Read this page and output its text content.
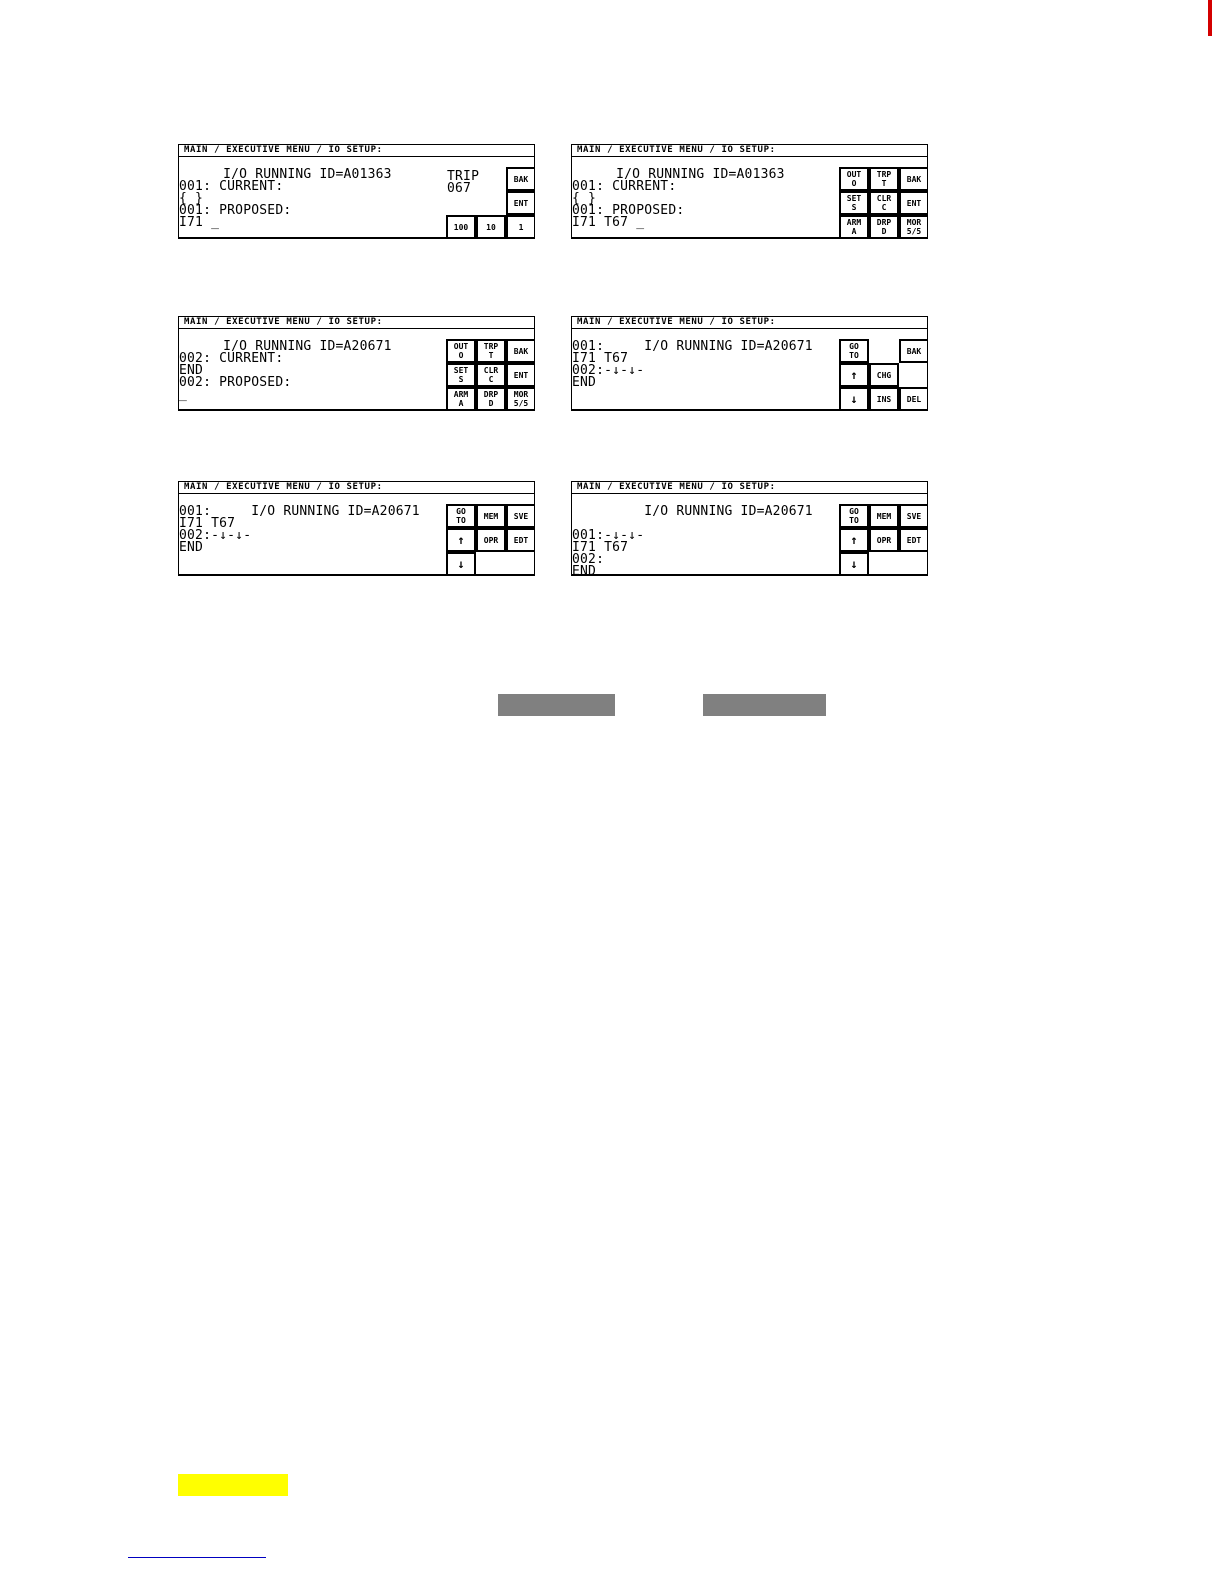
MAIN / EXECUTIVE MENU / IO SETUP:
I/O RUNNING ID=A01363
001: CURRENT:
{ }
001: PROPOSED:
I71 _
TRIP
067
BAK
ENT
100	10	1
MAIN / EXECUTIVE MENU / IO SETUP:
I/O RUNNING ID=A01363
001: CURRENT:
{ }
001: PROPOSED:
I71 T67 _
OUT
O
TRP
T	BAK
SET
S
CLR
C	ENT
ARM
A
DRP
D
MOR
5/5
MAIN / EXECUTIVE MENU / IO SETUP:
I/O RUNNING ID=A20671
002: CURRENT:
END
002: PROPOSED:
_
OUT
O
TRP
T	BAK
SET
S
CLR
C	ENT
ARM
A
DRP
D
MOR
5/5
MAIN / EXECUTIVE MENU / IO SETUP:
001:     I/O RUNNING ID=A20671
I71 T67
002:-↓-↓-
END
GO
TO	BAK
↑	CHG
↓	INS	DEL
MAIN / EXECUTIVE MENU / IO SETUP:
001:     I/O RUNNING ID=A20671
I71 T67
002:-↓-↓-
END
GO
TO	MEM	SVE
↑	OPR	EDT
↓
MAIN / EXECUTIVE MENU / IO SETUP:
I/O RUNNING ID=A20671
001:-↓-↓-
I71 T67
002:
END
GO
TO	MEM	SVE
↑	OPR	EDT
↓
